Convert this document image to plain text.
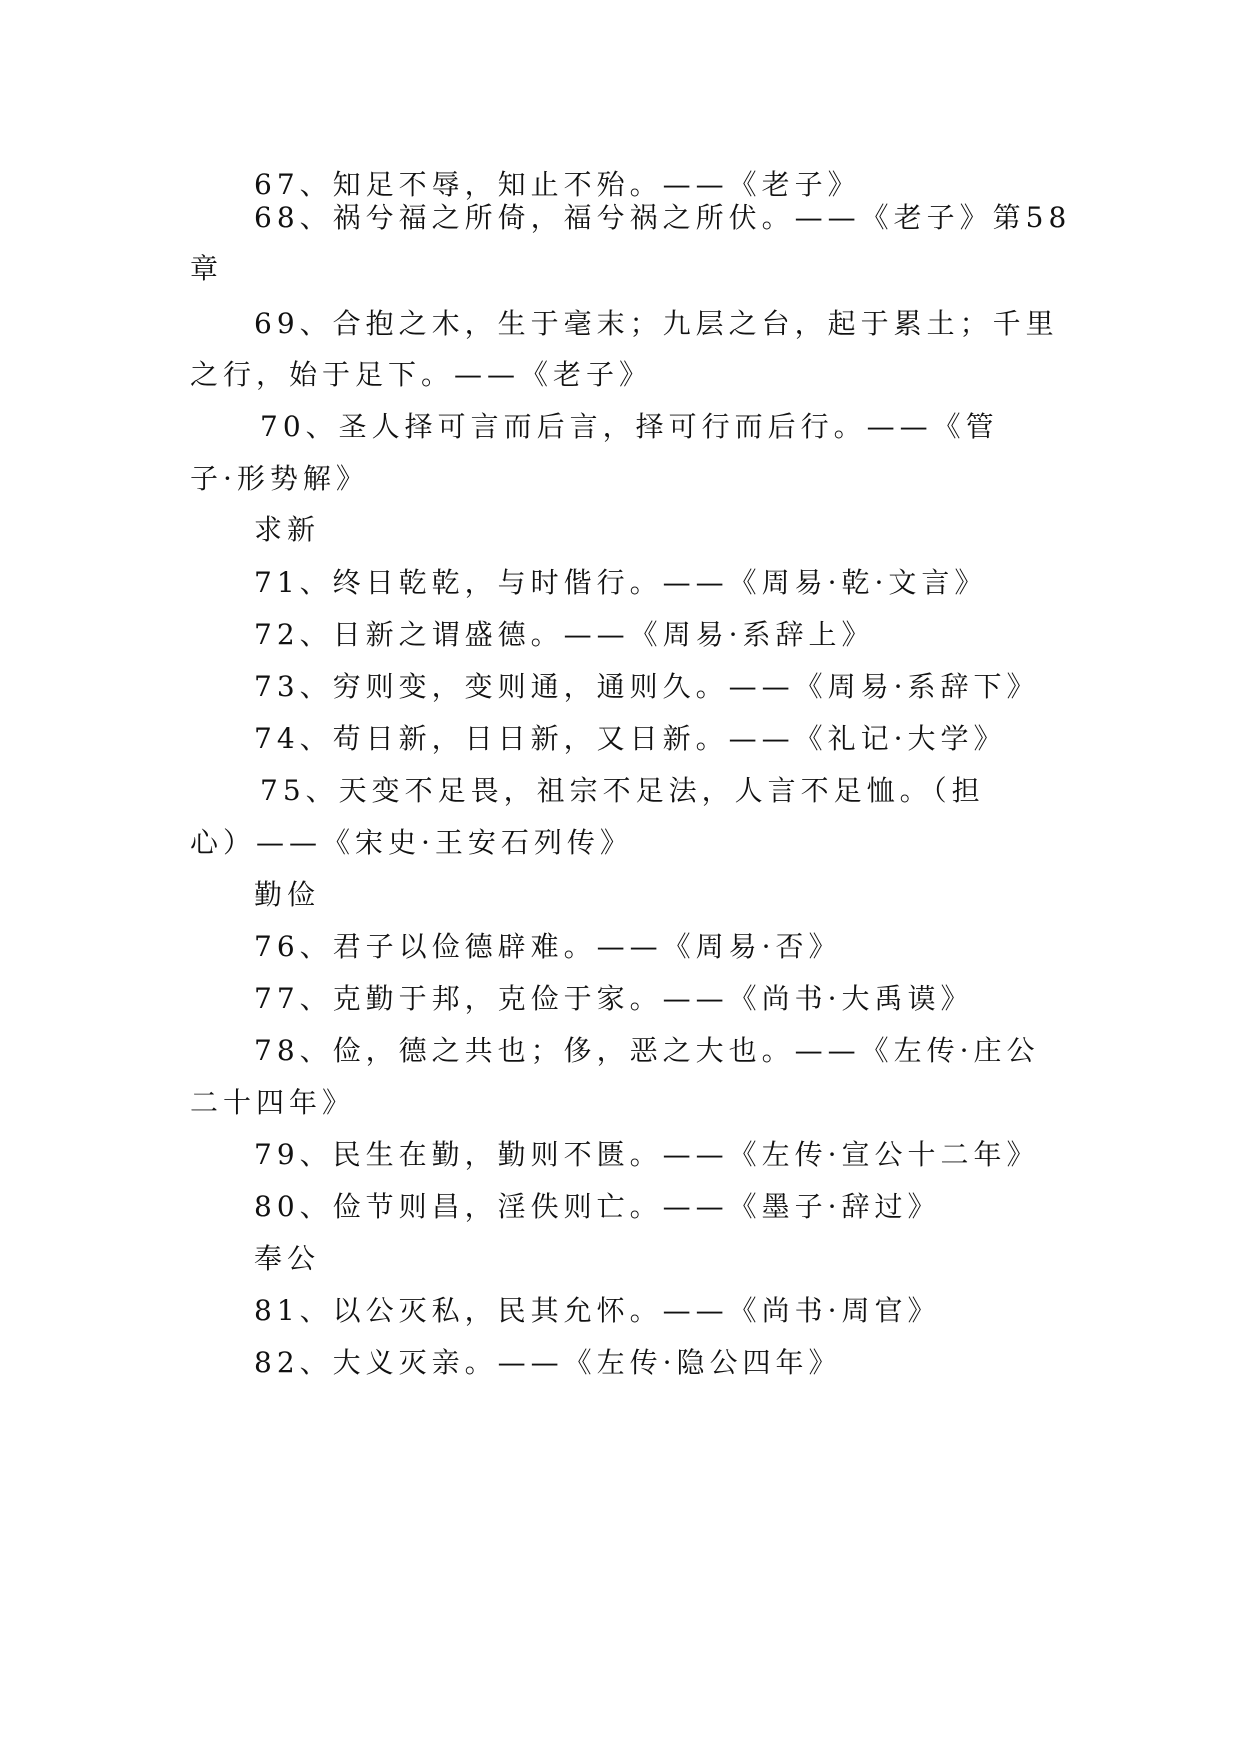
67、知足不辱，知止不殆。——《老子》
68、祸兮福之所倚，福兮祸之所伏。——《老子》第58
章
69、合抱之木，生于毫末；九层之台，起于累土；千里
之行，始于足下。——《老子》
70、圣人择可言而后言，择可行而后行。——《管
子·形势解》
求新
71、终日乾乾，与时偕行。——《周易·乾·文言》
72、日新之谓盛德。——《周易·系辞上》
73、穷则变，变则通，通则久。——《周易·系辞下》
74、苟日新，日日新，又日新。——《礼记·大学》
75、天变不足畏，祖宗不足法，人言不足恤。（担
心）——《宋史·王安石列传》
勤俭
76、君子以俭德辟难。——《周易·否》
77、克勤于邦，克俭于家。——《尚书·大禹谟》
78、俭，德之共也；侈，恶之大也。——《左传·庄公
二十四年》
79、民生在勤，勤则不匮。——《左传·宣公十二年》
80、俭节则昌，淫佚则亡。——《墨子·辞过》
奉公
81、以公灭私，民其允怀。——《尚书·周官》
82、大义灭亲。——《左传·隐公四年》
